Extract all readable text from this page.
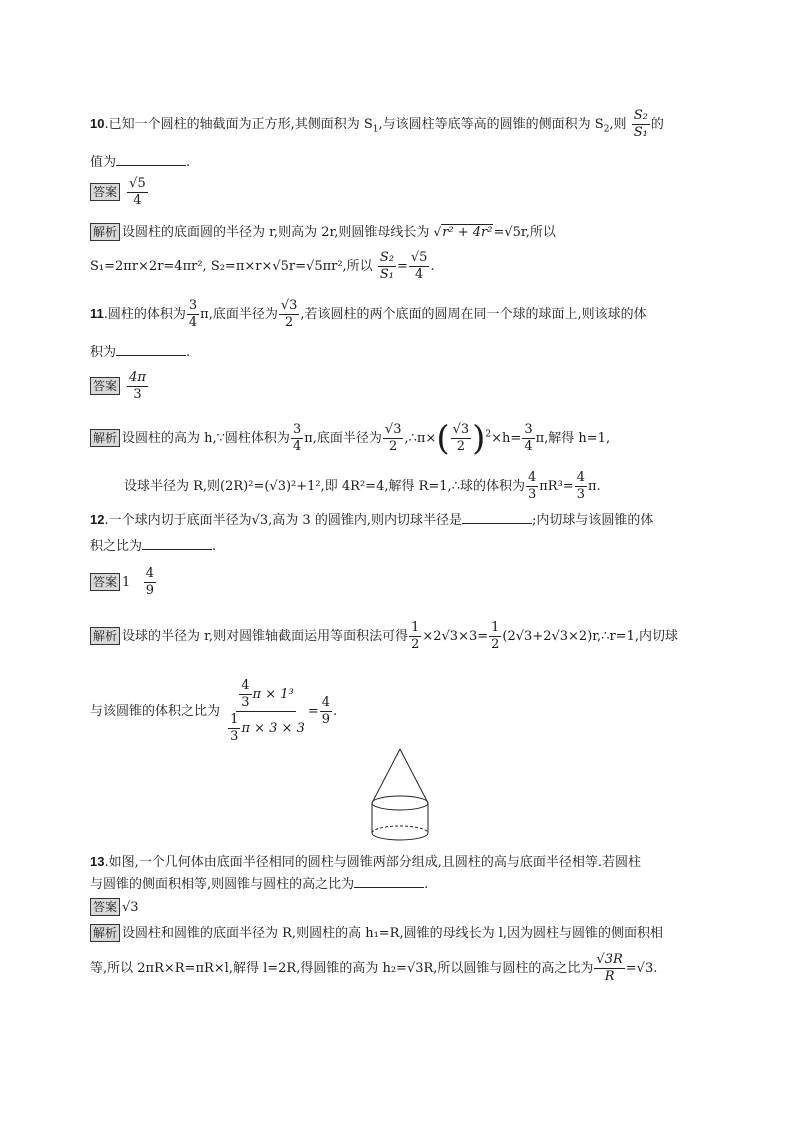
10.已知一个圆柱的轴截面为正方形,其侧面积为 $S_1$,与该圆柱等底等高的圆锥的侧面积为 $S_2$,则 $\frac{\text{S₂}}{\text{S₁}}$ 的
值为	.
答案 $\frac{√5}{4}$
解析 设圆柱的底面圆的半径为 r,则高为 2r,则圆锥母线长为 √r² + 4r²=√5r,所以
S₁=2πr×2r=4πr², S₂=π×r×√5r=√5πr²,所以 $\frac{\text{S₂}}{\text{S₁}} = \frac{√5}{4}$ .
11.圆柱的体积为 $\frac{3}{4} \pi$,底面半径为 $\frac{√3}{2}$ ,若该圆柱的两个底面的圆周在同一个球的球面上,则该球的体
积为	.
答案 $\frac{4\pi}{3}$
解析 设圆柱的高为 h,∵圆柱体积为 $\frac{3}{4} \pi$,底面半径为 $\frac{√3}{2}$ ,∴π×( $\frac{√3}{2} )^2\times h= \frac{3}{4} \pi$,解得 h=1,
设球半径为 R,则(2R)²=(√3)²+1²,即 4R²=4,解得 R=1,∴球的体积为 $\frac{4}{3} \pi R^3= \frac{4}{3} \pi$.
12.一个球内切于底面半径为√3,高为 3 的圆锥内,则内切球半径是	;内切球与该圆锥的体
积之比为	.
答案 $1 \frac{4}{9}$
解析 设球的半径为 r,则对圆锥轴截面运用等面积法可得 $\frac{1}{2} \times 2√3\times 3= \frac{1}{2}$ (2√3+2√3×2)r,∴r=1,内切球
与该圆锥的体积之比为 $\frac{\frac{4}{3} \pi \times 1^3}{\frac{1}{3} \pi \times 3 \times 3} = \frac{4}{9}$ .
13.如图,一个几何体由底面半径相同的圆柱与圆锥两部分组成,且圆柱的高与底面半径相等.若圆柱
与圆锥的侧面积相等,则圆锥与圆柱的高之比为	.
答案 √3
解析 设圆柱和圆锥的底面半径为 R,则圆柱的高 h₁=R,圆锥的母线长为 l,因为圆柱与圆锥的侧面积相
等,所以 2πR×R=πR×l,解得 l=2R,得圆锥的高为 h₂=√3R,所以圆锥与圆柱的高之比为 $\frac{√3R}{R} =√3$.
